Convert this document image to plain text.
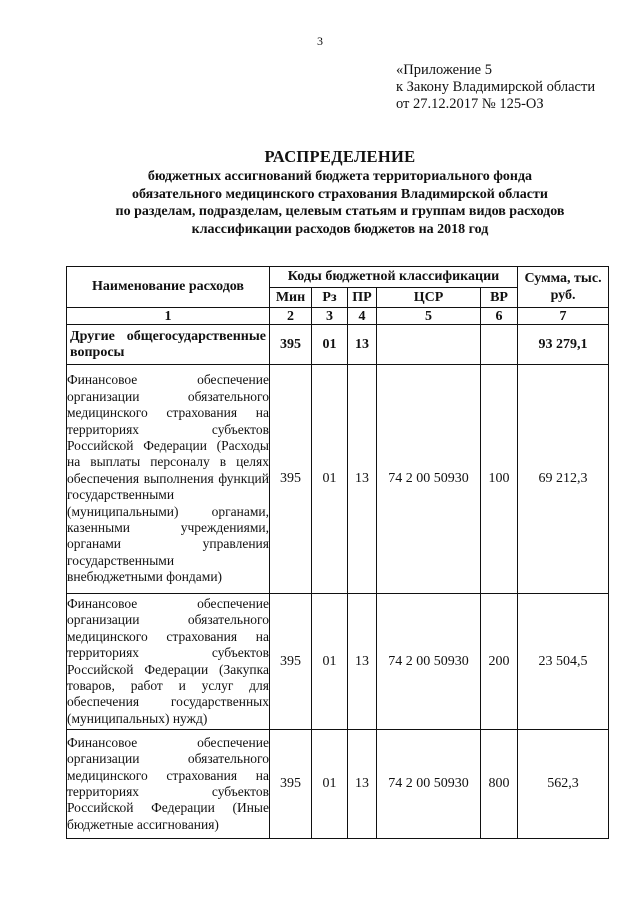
3
«Приложение 5
к Закону Владимирской области
от 27.12.2017 № 125-ОЗ
РАСПРЕДЕЛЕНИЕ
бюджетных ассигнований бюджета территориального фонда
обязательного медицинского страхования Владимирской области
по разделам, подразделам, целевым статьям и группам видов расходов
классификации расходов бюджетов на 2018 год
Наименование расходов	Коды бюджетной классификации					Сумма, тыс. руб.
	Мин	Рз	ПР	ЦСР	ВР	
1	2	3	4	5	6	7
Другие общегосударственные вопросы	395	01	13			93 279,1
Финансовое обеспечение организации обязательного медицинского страхования на территориях субъектов Российской Федерации (Расходы на выплаты персоналу в целях обеспечения выполнения функций государственными (муниципальными) органами, казенными учреждениями, органами управления государственными внебюджетными фондами)	395	01	13	74 2 00 50930	100	69 212,3
Финансовое обеспечение организации обязательного медицинского страхования на территориях субъектов Российской Федерации (Закупка товаров, работ и услуг для обеспечения государственных (муниципальных) нужд)	395	01	13	74 2 00 50930	200	23 504,5
Финансовое обеспечение организации обязательного медицинского страхования на территориях субъектов Российской Федерации (Иные бюджетные ассигнования)	395	01	13	74 2 00 50930	800	562,3
